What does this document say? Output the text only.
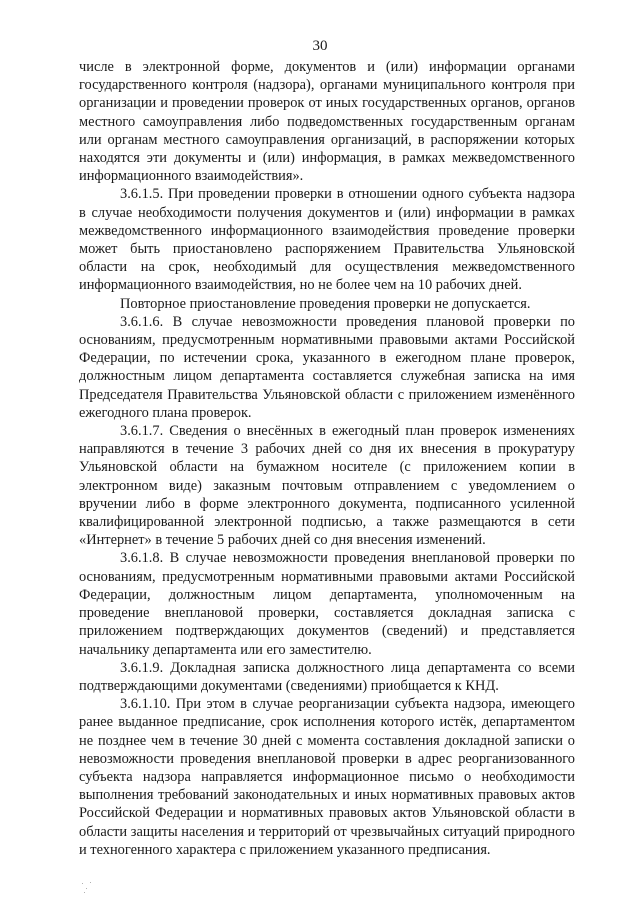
30

числе в электронной форме, документов и (или) информации органами государственного контроля (надзора), органами муниципального контроля при организации и проведении проверок от иных государственных органов, органов местного самоуправления либо подведомственных государственным органам или органам местного самоуправления организаций, в распоряжении которых находятся эти документы и (или) информация, в рамках межведомственного информационного взаимодействия».

3.6.1.5. При проведении проверки в отношении одного субъекта надзора в случае необходимости получения документов и (или) информации в рамках межведомственного информационного взаимодействия проведение проверки может быть приостановлено распоряжением Правительства Ульяновской области на срок, необходимый для осуществления межведомственного информационного взаимодействия, но не более чем на 10 рабочих дней.

Повторное приостановление проведения проверки не допускается.

3.6.1.6. В случае невозможности проведения плановой проверки по основаниям, предусмотренным нормативными правовыми актами Российской Федерации, по истечении срока, указанного в ежегодном плане проверок, должностным лицом департамента составляется служебная записка на имя Председателя Правительства Ульяновской области с приложением изменённого ежегодного плана проверок.

3.6.1.7. Сведения о внесённых в ежегодный план проверок изменениях направляются в течение 3 рабочих дней со дня их внесения в прокуратуру Ульяновской области на бумажном носителе (с приложением копии в электронном виде) заказным почтовым отправлением с уведомлением о вручении либо в форме электронного документа, подписанного усиленной квалифицированной электронной подписью, а также размещаются в сети «Интернет» в течение 5 рабочих дней со дня внесения изменений.

3.6.1.8. В случае невозможности проведения внеплановой проверки по основаниям, предусмотренным нормативными правовыми актами Российской Федерации, должностным лицом департамента, уполномоченным на проведение внеплановой проверки, составляется докладная записка с приложением подтверждающих документов (сведений) и представляется начальнику департамента или его заместителю.

3.6.1.9. Докладная записка должностного лица департамента со всеми подтверждающими документами (сведениями) приобщается к КНД.

3.6.1.10. При этом в случае реорганизации субъекта надзора, имеющего ранее выданное предписание, срок исполнения которого истёк, департаментом не позднее чем в течение 30 дней с момента составления докладной записки о невозможности проведения внеплановой проверки в адрес реорганизованного субъекта надзора направляется информационное письмо о необходимости выполнения требований законодательных и иных нормативных правовых актов Российской Федерации и нормативных правовых актов Ульяновской области в области защиты населения и территорий от чрезвычайных ситуаций природного и техногенного характера с приложением указанного предписания.
